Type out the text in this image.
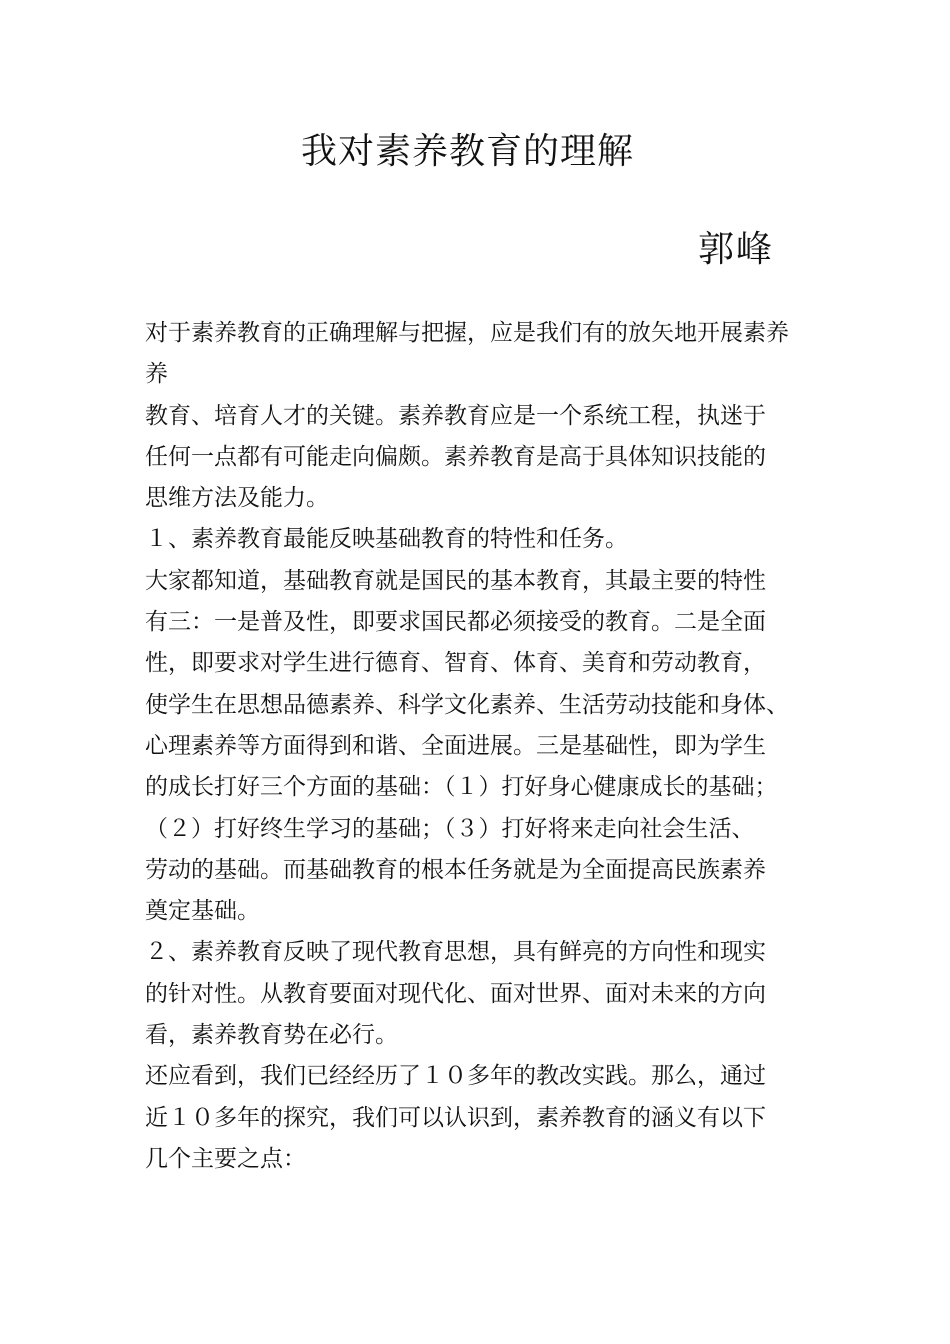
我对素养教育的理解
郭峰
对于素养教育的正确理解与把握，应是我们有的放矢地开展素养
养
教育、培育人才的关键。素养教育应是一个系统工程，执迷于
任何一点都有可能走向偏颇。素养教育是高于具体知识技能的
思维方法及能力。
１、素养教育最能反映基础教育的特性和任务。
大家都知道，基础教育就是国民的基本教育，其最主要的特性
有三：一是普及性，即要求国民都必须接受的教育。二是全面
性，即要求对学生进行德育、智育、体育、美育和劳动教育，
使学生在思想品德素养、科学文化素养、生活劳动技能和身体、
心理素养等方面得到和谐、全面进展。三是基础性，即为学生
的成长打好三个方面的基础：（１）打好身心健康成长的基础；
（２）打好终生学习的基础；（３）打好将来走向社会生活、
劳动的基础。而基础教育的根本任务就是为全面提高民族素养
奠定基础。
２、素养教育反映了现代教育思想，具有鲜亮的方向性和现实
的针对性。从教育要面对现代化、面对世界、面对未来的方向
看，素养教育势在必行。
还应看到，我们已经经历了１０多年的教改实践。那么，通过
近１０多年的探究，我们可以认识到，素养教育的涵义有以下
几个主要之点：
